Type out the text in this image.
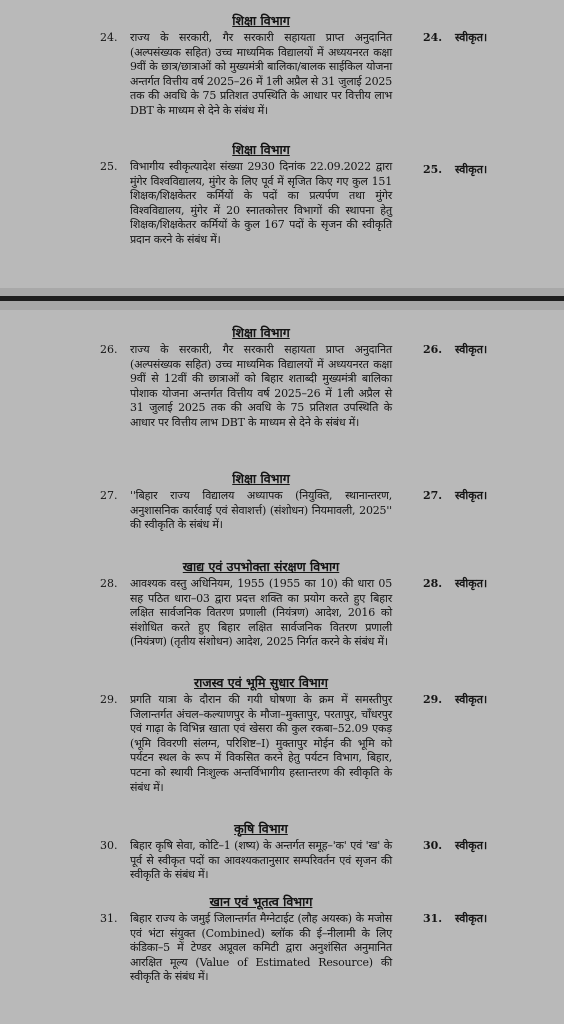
शिक्षा विभाग
24. राज्य के सरकारी, गैर सरकारी सहायता प्राप्त अनुदानित (अल्पसंख्यक सहित) उच्च माध्यमिक विद्यालयों में अध्ययनरत कक्षा 9वीं के छात्र/छात्राओं को मुख्यमंत्री बालिका/बालक साईकिल योजना अन्तर्गत वित्तीय वर्ष 2025–26 में 1ली अप्रैल से 31 जुलाई 2025 तक की अवधि के 75 प्रतिशत उपस्थिति के आधार पर वित्तीय लाभ DBT के माध्यम से देने के संबंध में।
24. स्वीकृत।
शिक्षा विभाग
25. विभागीय स्वीकृत्यादेश संख्या 2930 दिनांक 22.09.2022 द्वारा मुंगेर विश्वविद्यालय, मुंगेर के लिए पूर्व में सृजित किए गए कुल 151 शिक्षक/शिक्षकेतर कर्मियों के पदों का प्रत्यर्पण तथा मुंगेर विश्वविद्यालय, मुंगेर में 20 स्नातकोत्तर विभागों की स्थापना हेतु शिक्षक/शिक्षकेतर कर्मियों के कुल 167 पदों के सृजन की स्वीकृति प्रदान करने के संबंध में।
25. स्वीकृत।
शिक्षा विभाग
26. राज्य के सरकारी, गैर सरकारी सहायता प्राप्त अनुदानित (अल्पसंख्यक सहित) उच्च माध्यमिक विद्यालयों में अध्ययनरत कक्षा 9वीं से 12वीं की छात्राओं को बिहार शताब्दी मुख्यमंत्री बालिका पोशाक योजना अन्तर्गत वित्तीय वर्ष 2025–26 में 1ली अप्रैल से 31 जुलाई 2025 तक की अवधि के 75 प्रतिशत उपस्थिति के आधार पर वित्तीय लाभ DBT के माध्यम से देने के संबंध में।
26. स्वीकृत।
शिक्षा विभाग
27. ''बिहार राज्य विद्यालय अध्यापक (नियुक्ति, स्थानान्तरण, अनुशासनिक कार्रवाई एवं सेवाशर्त्त) (संशोधन) नियमावली, 2025'' की स्वीकृति के संबंध में।
27. स्वीकृत।
खाद्य एवं उपभोक्ता संरक्षण विभाग
28. आवश्यक वस्तु अधिनियम, 1955 (1955 का 10) की धारा 05 सह पठित धारा–03 द्वारा प्रदत्त शक्ति का प्रयोग करते हुए बिहार लक्षित सार्वजनिक वितरण प्रणाली (नियंत्रण) आदेश, 2016 को संशोधित करते हुए बिहार लक्षित सार्वजनिक वितरण प्रणाली (नियंत्रण) (तृतीय संशोधन) आदेश, 2025 निर्गत करने के संबंध में।
28. स्वीकृत।
राजस्व एवं भूमि सुधार विभाग
29. प्रगति यात्रा के दौरान की गयी घोषणा के क्रम में समस्तीपुर जिलान्तर्गत अंचल–कल्याणपुर के मौजा–मुक्तापुर, परतापुर, चाँधरपुर एवं गाढ़ा के विभिन्न खाता एवं खेसरा की कुल रकबा–52.09 एकड़ (भूमि विवरणी संलग्न, परिशिष्ट–I) मुक्तापुर मोईन की भूमि को पर्यटन स्थल के रूप में विकसित करने हेतु पर्यटन विभाग, बिहार, पटना को स्थायी निःशुल्क अन्तर्विभागीय हस्तान्तरण की स्वीकृति के संबंध में।
29. स्वीकृत।
कृषि विभाग
30. बिहार कृषि सेवा, कोटि–1 (शष्य) के अन्तर्गत समूह–'क' एवं 'ख' के पूर्व से स्वीकृत पदों का आवश्यकतानुसार सम्परिवर्तन एवं सृजन की स्वीकृति के संबंध में।
30. स्वीकृत।
खान एवं भूतत्व विभाग
31. बिहार राज्य के जमुई जिलान्तर्गत मैग्नेटाईट (लौह अयस्क) के मजोस एवं भंटा संयुक्त (Combined) ब्लॉक की ई–नीलामी के लिए कंडिका–5 में टेण्डर अप्रूवल कमिटी द्वारा अनुशंसित अनुमानित आरक्षित मूल्य (Value of Estimated Resource) की स्वीकृति के संबंध में।
31. स्वीकृत।
